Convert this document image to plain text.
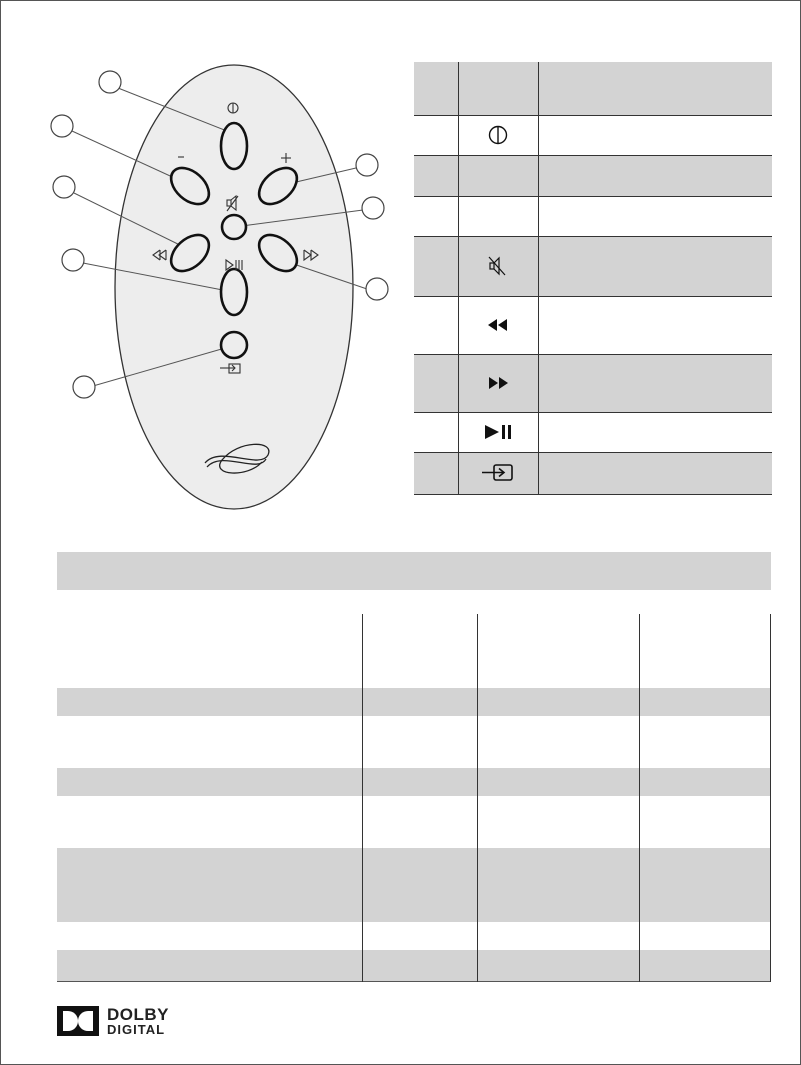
DOLBY
DIGITAL
